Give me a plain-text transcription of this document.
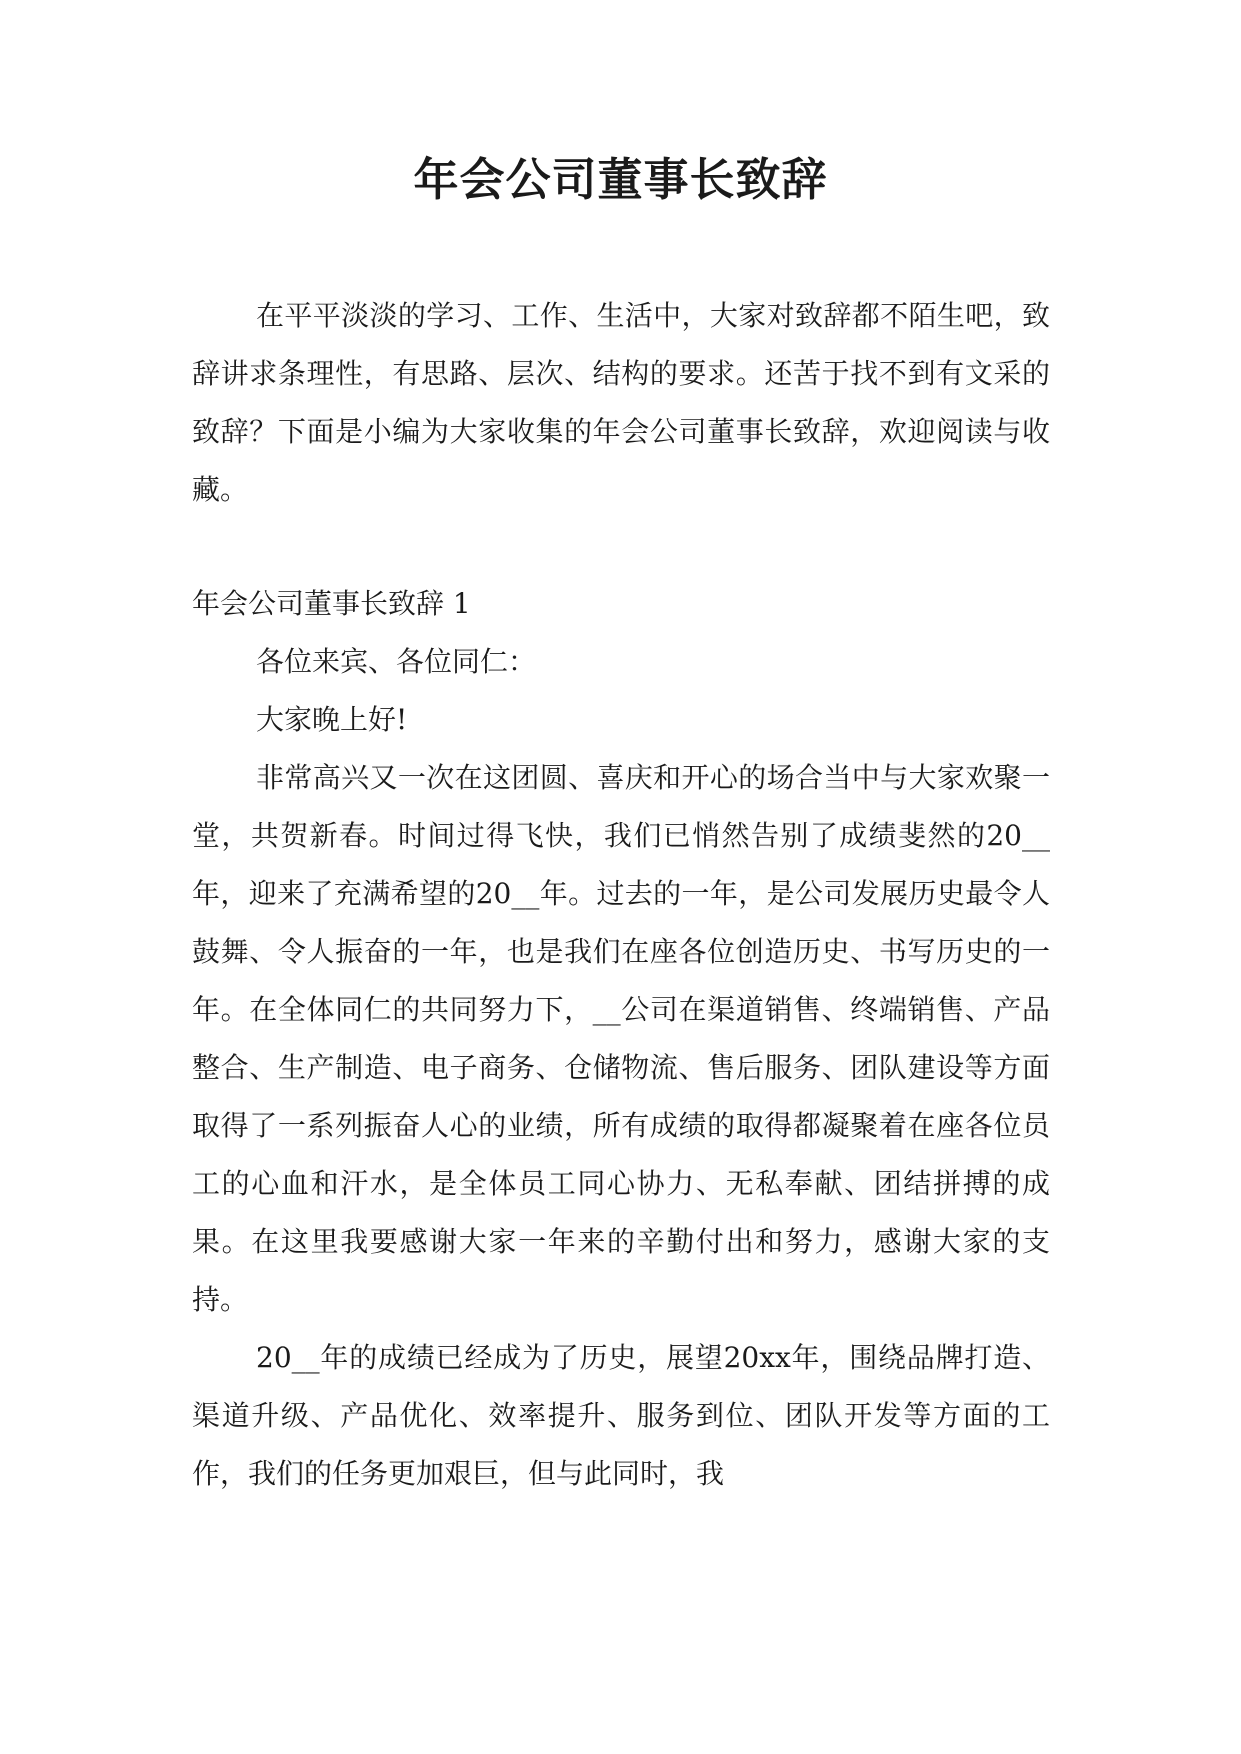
年会公司董事长致辞

在平平淡淡的学习、工作、生活中，大家对致辞都不陌生吧，致辞讲求条理性，有思路、层次、结构的要求。还苦于找不到有文采的致辞？下面是小编为大家收集的年会公司董事长致辞，欢迎阅读与收藏。

年会公司董事长致辞 1

各位来宾、各位同仁：

大家晚上好!

非常高兴又一次在这团圆、喜庆和开心的场合当中与大家欢聚一堂，共贺新春。时间过得飞快，我们已悄然告别了成绩斐然的20__年，迎来了充满希望的20__年。过去的一年，是公司发展历史最令人鼓舞、令人振奋的一年，也是我们在座各位创造历史、书写历史的一年。在全体同仁的共同努力下，__公司在渠道销售、终端销售、产品整合、生产制造、电子商务、仓储物流、售后服务、团队建设等方面取得了一系列振奋人心的业绩，所有成绩的取得都凝聚着在座各位员工的心血和汗水，是全体员工同心协力、无私奉献、团结拼搏的成果。在这里我要感谢大家一年来的辛勤付出和努力，感谢大家的支持。

20__年的成绩已经成为了历史，展望20xx年，围绕品牌打造、渠道升级、产品优化、效率提升、服务到位、团队开发等方面的工作，我们的任务更加艰巨，但与此同时，我
